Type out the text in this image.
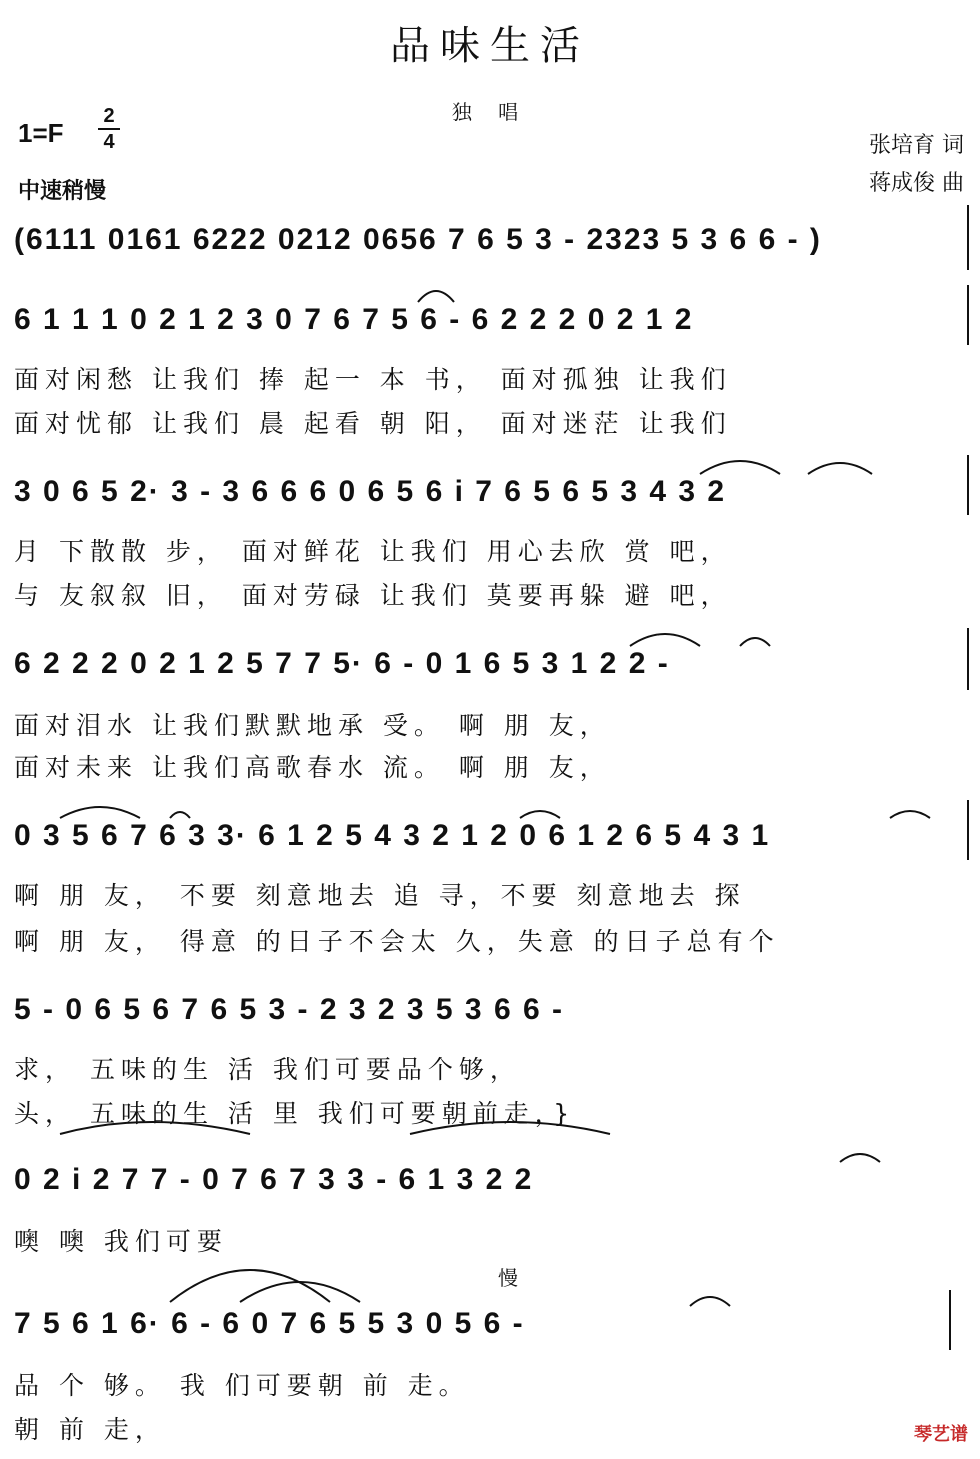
品味生活
独 唱
$1=F \frac{2}{4}$
中速稍慢
张培育 词
蒋成俊 曲
(6111 0161 6222 0212 0656 7 6 5 3 - 2323 5 3 6 6 - )
6 1 1 1 0 2 1 2 3 0 7 6 7 5 6 - 6 2 2 2 0 2 1 2
面对闲愁 让我们 捧 起一 本 书， 面对孤独 让我们
面对忧郁 让我们 晨 起看 朝 阳， 面对迷茫 让我们
3 0 6 5 2· 3 - 3 6 6 6 0 6 5 6 i 7 6 5 6 5 3 4 3 2
月 下散散 步， 面对鲜花 让我们 用心去欣 赏 吧，
与 友叙叙 旧， 面对劳碌 让我们 莫要再躲 避 吧，
6 2 2 2 0 2 1 2 5 7 7 5· 6 - 0 1 6 5 3 1 2 2 -
面对泪水 让我们默默地承 受。 啊 朋 友，
面对未来 让我们高歌春水 流。 啊 朋 友，
0 3 5 6 7 6 3 3· 6 1 2 5 4 3 2 1 2 0 6 1 2 6 5 4 3 1
啊 朋 友， 不要 刻意地去 追 寻，不要 刻意地去 探
啊 朋 友， 得意 的日子不会太 久，失意 的日子总有个
5 - 0 6 5 6 7 6 5 3 - 2 3 2 3 5 3 6 6 -
求， 五味的生 活 我们可要品个够，
头， 五味的生 活 里 我们可要朝前走，}
0 2 i 2 7 7 - 0 7 6 7 3 3 - 6 1 3 2 2
噢 噢 我们可要
慢
7 5 6 1 6· 6 - 6 0 7 6 5 5 3 0 5 6 -
品 个 够。 我 们可要朝 前 走。
朝 前 走，	琴艺谱
